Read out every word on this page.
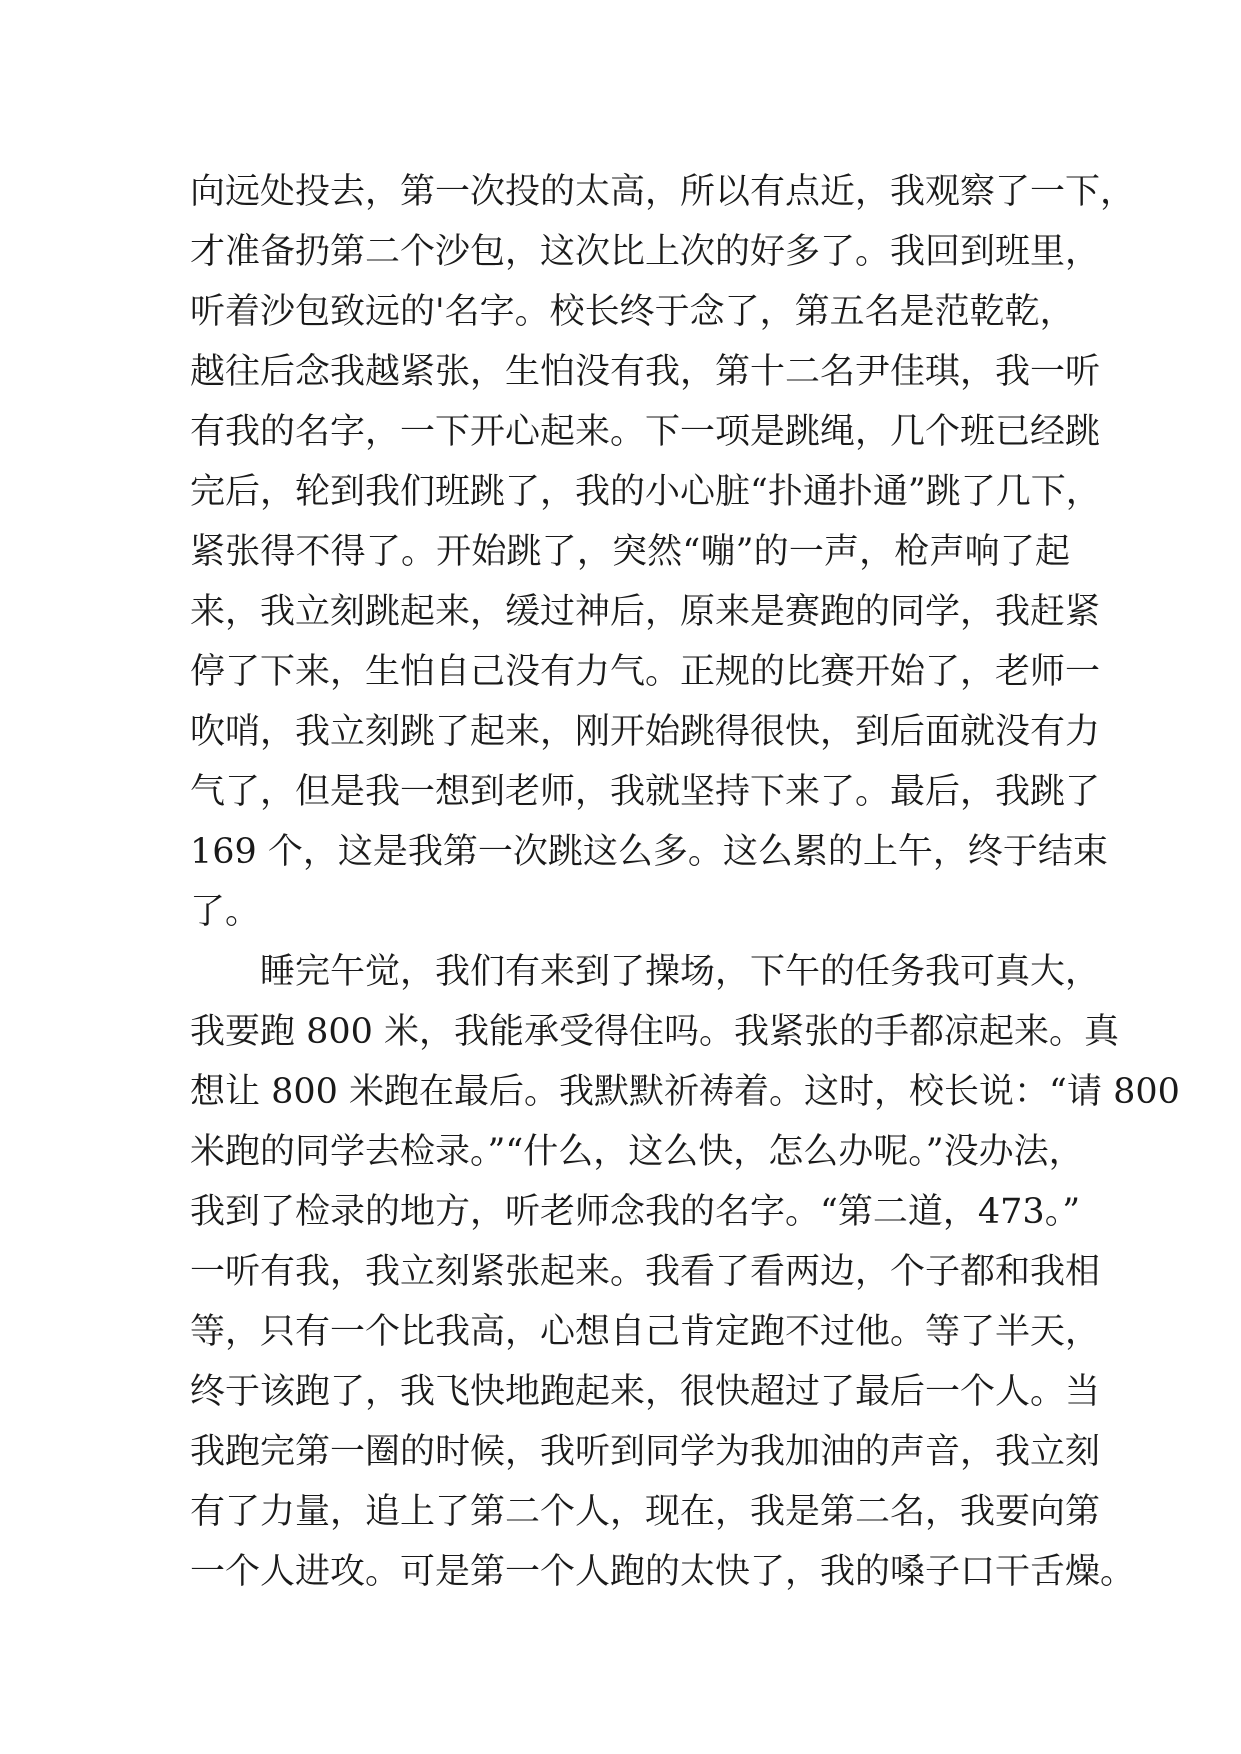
向远处投去，第一次投的太高，所以有点近，我观察了一下，
才准备扔第二个沙包，这次比上次的好多了。我回到班里，
听着沙包致远的'名字。校长终于念了，第五名是范乾乾，
越往后念我越紧张，生怕没有我，第十二名尹佳琪，我一听
有我的名字，一下开心起来。下一项是跳绳，几个班已经跳
完后，轮到我们班跳了，我的小心脏“扑通扑通”跳了几下，
紧张得不得了。开始跳了，突然“嘣”的一声，枪声响了起
来，我立刻跳起来，缓过神后，原来是赛跑的同学，我赶紧
停了下来，生怕自己没有力气。正规的比赛开始了，老师一
吹哨，我立刻跳了起来，刚开始跳得很快，到后面就没有力
气了，但是我一想到老师，我就坚持下来了。最后，我跳了
169 个，这是我第一次跳这么多。这么累的上午，终于结束
了。
睡完午觉，我们有来到了操场，下午的任务我可真大，
我要跑 800 米，我能承受得住吗。我紧张的手都凉起来。真
想让 800 米跑在最后。我默默祈祷着。这时，校长说：“请 800
米跑的同学去检录。”“什么，这么快，怎么办呢。”没办法，
我到了检录的地方，听老师念我的名字。“第二道，473。”
一听有我，我立刻紧张起来。我看了看两边，个子都和我相
等，只有一个比我高，心想自己肯定跑不过他。等了半天，
终于该跑了，我飞快地跑起来，很快超过了最后一个人。当
我跑完第一圈的时候，我听到同学为我加油的声音，我立刻
有了力量，追上了第二个人，现在，我是第二名，我要向第
一个人进攻。可是第一个人跑的太快了，我的嗓子口干舌燥。
